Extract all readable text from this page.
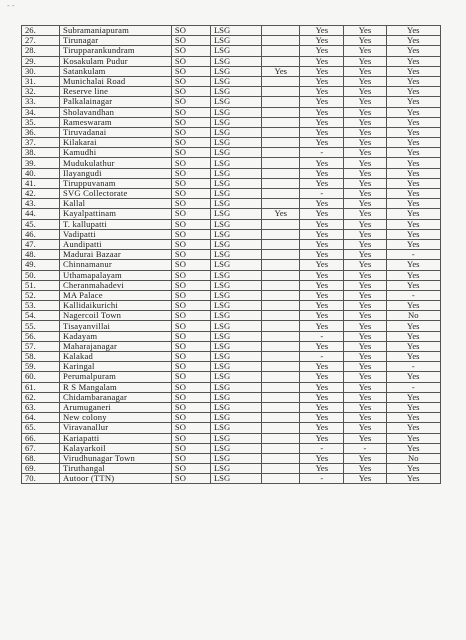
--
26.	Subramaniapuram	SO	LSG		Yes	Yes	Yes
27.	Tirunagar	SO	LSG		Yes	Yes	Yes
28.	Tirupparankundram	SO	LSG		Yes	Yes	Yes
29.	Kosakulam Pudur	SO	LSG		Yes	Yes	Yes
30.	Satankulam	SO	LSG	Yes	Yes	Yes	Yes
31.	Munichalai Road	SO	LSG		Yes	Yes	Yes
32.	Reserve line	SO	LSG		Yes	Yes	Yes
33.	Palkalainagar	SO	LSG		Yes	Yes	Yes
34.	Sholavandhan	SO	LSG		Yes	Yes	Yes
35.	Rameswaram	SO	LSG		Yes	Yes	Yes
36.	Tiruvadanai	SO	LSG		Yes	Yes	Yes
37.	Kilakarai	SO	LSG		Yes	Yes	Yes
38.	Kamudhi	SO	LSG		-	Yes	Yes
39.	Mudukulathur	SO	LSG		Yes	Yes	Yes
40.	Ilayangudi	SO	LSG		Yes	Yes	Yes
41.	Tiruppuvanam	SO	LSG		Yes	Yes	Yes
42.	SVG Collectorate	SO	LSG		-	Yes	Yes
43.	Kallal	SO	LSG		Yes	Yes	Yes
44.	Kayalpattinam	SO	LSG	Yes	Yes	Yes	Yes
45.	T. kallupatti	SO	LSG		Yes	Yes	Yes
46.	Vadipatti	SO	LSG		Yes	Yes	Yes
47.	Aundipatti	SO	LSG		Yes	Yes	Yes
48.	Madurai Bazaar	SO	LSG		Yes	Yes	-
49.	Chinnamanur	SO	LSG		Yes	Yes	Yes
50.	Uthamapalayam	SO	LSG		Yes	Yes	Yes
51.	Cheranmahadevi	SO	LSG		Yes	Yes	Yes
52.	MA Palace	SO	LSG		Yes	Yes	-
53.	Kallidaikurichi	SO	LSG		Yes	Yes	Yes
54.	Nagercoil Town	SO	LSG		Yes	Yes	No
55.	Tisayanvillai	SO	LSG		Yes	Yes	Yes
56.	Kadayam	SO	LSG		-	Yes	Yes
57.	Maharajanagar	SO	LSG		Yes	Yes	Yes
58.	Kalakad	SO	LSG		-	Yes	Yes
59.	Karingal	SO	LSG		Yes	Yes	-
60.	Perumalpuram	SO	LSG		Yes	Yes	Yes
61.	R S Mangalam	SO	LSG		Yes	Yes	-
62.	Chidambaranagar	SO	LSG		Yes	Yes	Yes
63.	Arumuganeri	SO	LSG		Yes	Yes	Yes
64.	New colony	SO	LSG		Yes	Yes	Yes
65.	Viravanallur	SO	LSG		Yes	Yes	Yes
66.	Kariapatti	SO	LSG		Yes	Yes	Yes
67.	Kalayarkoil	SO	LSG		-	-	Yes
68.	Virudhunagar Town	SO	LSG		Yes	Yes	No
69.	Tiruthangal	SO	LSG		Yes	Yes	Yes
70.	Autoor (TTN)	SO	LSG		-	Yes	Yes
